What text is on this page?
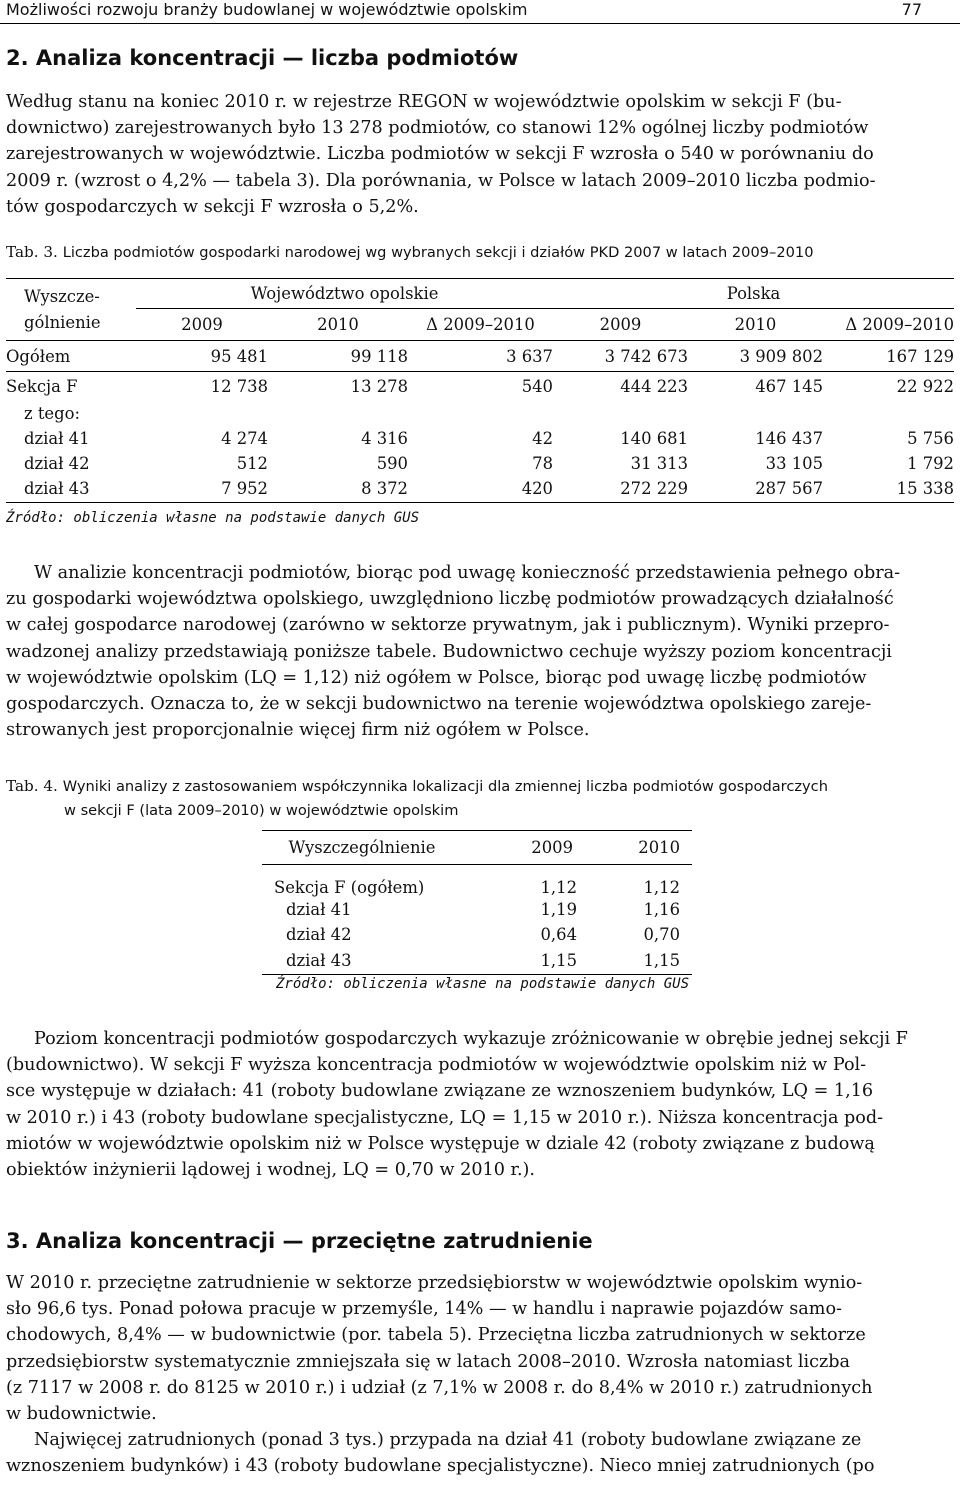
Możliwości rozwoju branży budowlanej w województwie opolskim	77
2. Analiza koncentracji — liczba podmiotów
Według stanu na koniec 2010 r. w rejestrze REGON w województwie opolskim w sekcji F (bu-
downictwo) zarejestrowanych było 13 278 podmiotów, co stanowi 12% ogólnej liczby podmiotów
zarejestrowanych w województwie. Liczba podmiotów w sekcji F wzrosła o 540 w porównaniu do
2009 r. (wzrost o 4,2% — tabela 3). Dla porównania, w Polsce w latach 2009–2010 liczba podmio-
tów gospodarczych w sekcji F wzrosła o 5,2%.
Tab. 3. Liczba podmiotów gospodarki narodowej wg wybranych sekcji i działów PKD 2007 w latach 2009–2010
Wyszcze-
gólnienie	Województwo opolskie			Polska		
	2009	2010	Δ 2009–2010	2009	2010	Δ 2009–2010
Ogółem	95 481	99 118	3 637	3 742 673	3 909 802	167 129
Sekcja F	12 738	13 278	540	444 223	467 145	22 922
z tego:						
dział 41	4 274	4 316	42	140 681	146 437	5 756
dział 42	512	590	78	31 313	33 105	1 792
dział 43	7 952	8 372	420	272 229	287 567	15 338
Źródło: obliczenia własne na podstawie danych GUS
W analizie koncentracji podmiotów, biorąc pod uwagę konieczność przedstawienia pełnego obra-
zu gospodarki województwa opolskiego, uwzględniono liczbę podmiotów prowadzących działalność
w całej gospodarce narodowej (zarówno w sektorze prywatnym, jak i publicznym). Wyniki przepro-
wadzonej analizy przedstawiają poniższe tabele. Budownictwo cechuje wyższy poziom koncentracji
w województwie opolskim (LQ = 1,12) niż ogółem w Polsce, biorąc pod uwagę liczbę podmiotów
gospodarczych. Oznacza to, że w sekcji budownictwo na terenie województwa opolskiego zareje-
strowanych jest proporcjonalnie więcej firm niż ogółem w Polsce.
Tab. 4. Wyniki analizy z zastosowaniem współczynnika lokalizacji dla zmiennej liczba podmiotów gospodarczych
w sekcji F (lata 2009–2010) w województwie opolskim
Wyszczególnienie	2009	2010
Sekcja F (ogółem)	1,12	1,12
dział 41	1,19	1,16
dział 42	0,64	0,70
dział 43	1,15	1,15
Źródło: obliczenia własne na podstawie danych GUS
Poziom koncentracji podmiotów gospodarczych wykazuje zróżnicowanie w obrębie jednej sekcji F
(budownictwo). W sekcji F wyższa koncentracja podmiotów w województwie opolskim niż w Pol-
sce występuje w działach: 41 (roboty budowlane związane ze wznoszeniem budynków, LQ = 1,16
w 2010 r.) i 43 (roboty budowlane specjalistyczne, LQ = 1,15 w 2010 r.). Niższa koncentracja pod-
miotów w województwie opolskim niż w Polsce występuje w dziale 42 (roboty związane z budową
obiektów inżynierii lądowej i wodnej, LQ = 0,70 w 2010 r.).
3. Analiza koncentracji — przeciętne zatrudnienie
W 2010 r. przeciętne zatrudnienie w sektorze przedsiębiorstw w województwie opolskim wynio-
sło 96,6 tys. Ponad połowa pracuje w przemyśle, 14% — w handlu i naprawie pojazdów samo-
chodowych, 8,4% — w budownictwie (por. tabela 5). Przeciętna liczba zatrudnionych w sektorze
przedsiębiorstw systematycznie zmniejszała się w latach 2008–2010. Wzrosła natomiast liczba
(z 7117 w 2008 r. do 8125 w 2010 r.) i udział (z 7,1% w 2008 r. do 8,4% w 2010 r.) zatrudnionych
w budownictwie.
Najwięcej zatrudnionych (ponad 3 tys.) przypada na dział 41 (roboty budowlane związane ze
wznoszeniem budynków) i 43 (roboty budowlane specjalistyczne). Nieco mniej zatrudnionych (po
